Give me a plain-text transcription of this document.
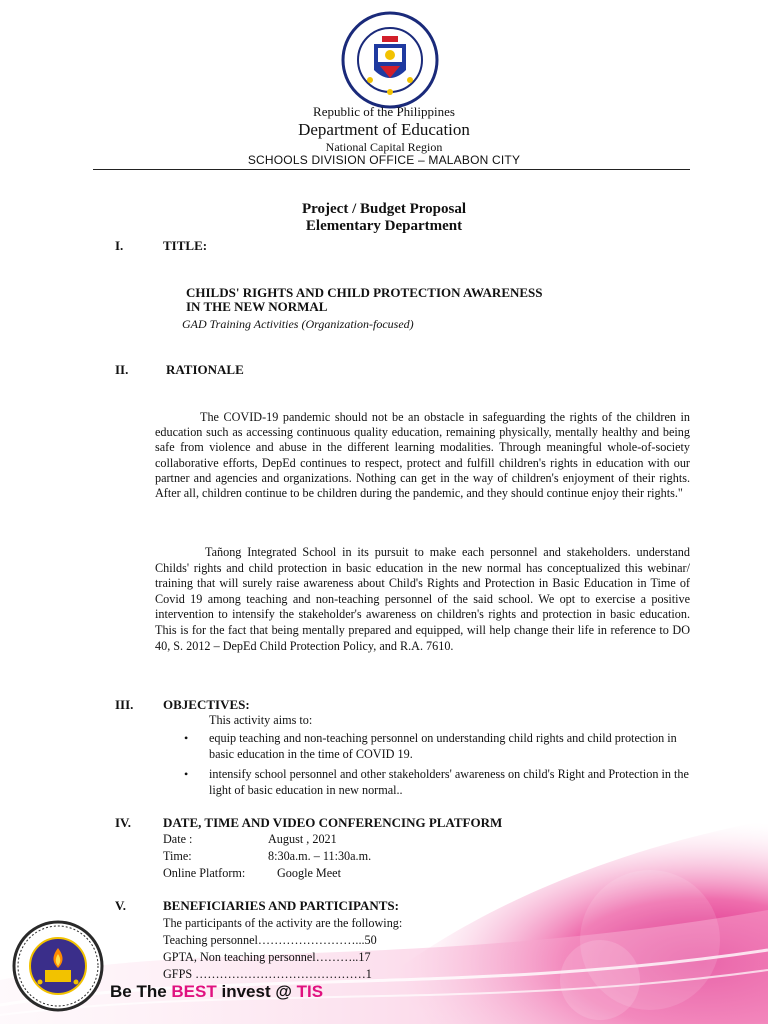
Republic of the Philippines
Department of Education
National Capital Region
SCHOOLS DIVISION OFFICE – MALABON CITY
Project / Budget Proposal
Elementary Department
I.	TITLE:
CHILDS' RIGHTS AND CHILD PROTECTION AWARENESS
IN THE NEW NORMAL
GAD Training Activities (Organization-focused)
II.	RATIONALE
The COVID-19 pandemic should not be an obstacle in safeguarding the rights of the children in education such as accessing continuous quality education, remaining physically, mentally healthy and being safe from violence and abuse in the different learning modalities. Through meaningful whole-of-society collaborative efforts, DepEd continues to respect, protect and fulfill children's rights in education with our partner and agencies and organizations. Nothing can get in the way of children's enjoyment of their rights. After all, children continue to be children during the pandemic, and they should continue enjoy their rights."
Tañong Integrated School in its pursuit to make each personnel and stakeholders. understand Childs' rights and child protection in basic education in the new normal has conceptualized this webinar/ training that will surely raise awareness about Child's Rights and Protection in Basic Education in Time of Covid 19 among teaching and non-teaching personnel of the said school. We opt to exercise a positive intervention to intensify the stakeholder's awareness on children's rights and protection in basic education. This is for the fact that being mentally prepared and equipped, will help change their life in reference to DO 40, S. 2012 – DepEd Child Protection Policy, and R.A. 7610.
III. OBJECTIVES:
This activity aims to:
• equip teaching and non-teaching personnel on understanding child rights and child protection in basic education in the time of COVID 19.
• intensify school personnel and other stakeholders' awareness on child's Right and Protection in the light of basic education in new normal..
IV. DATE, TIME AND VIDEO CONFERENCING PLATFORM
Date :	August , 2021
Time:	8:30a.m. – 11:30a.m.
Online Platform:	Google Meet
V.	BENEFICIARIES AND PARTICIPANTS:
The participants of the activity are the following:
Teaching personnel……………………...50
GPTA, Non teaching personnel………..17
GFPS ……………………………………1
Be The BEST invest @ TIS
